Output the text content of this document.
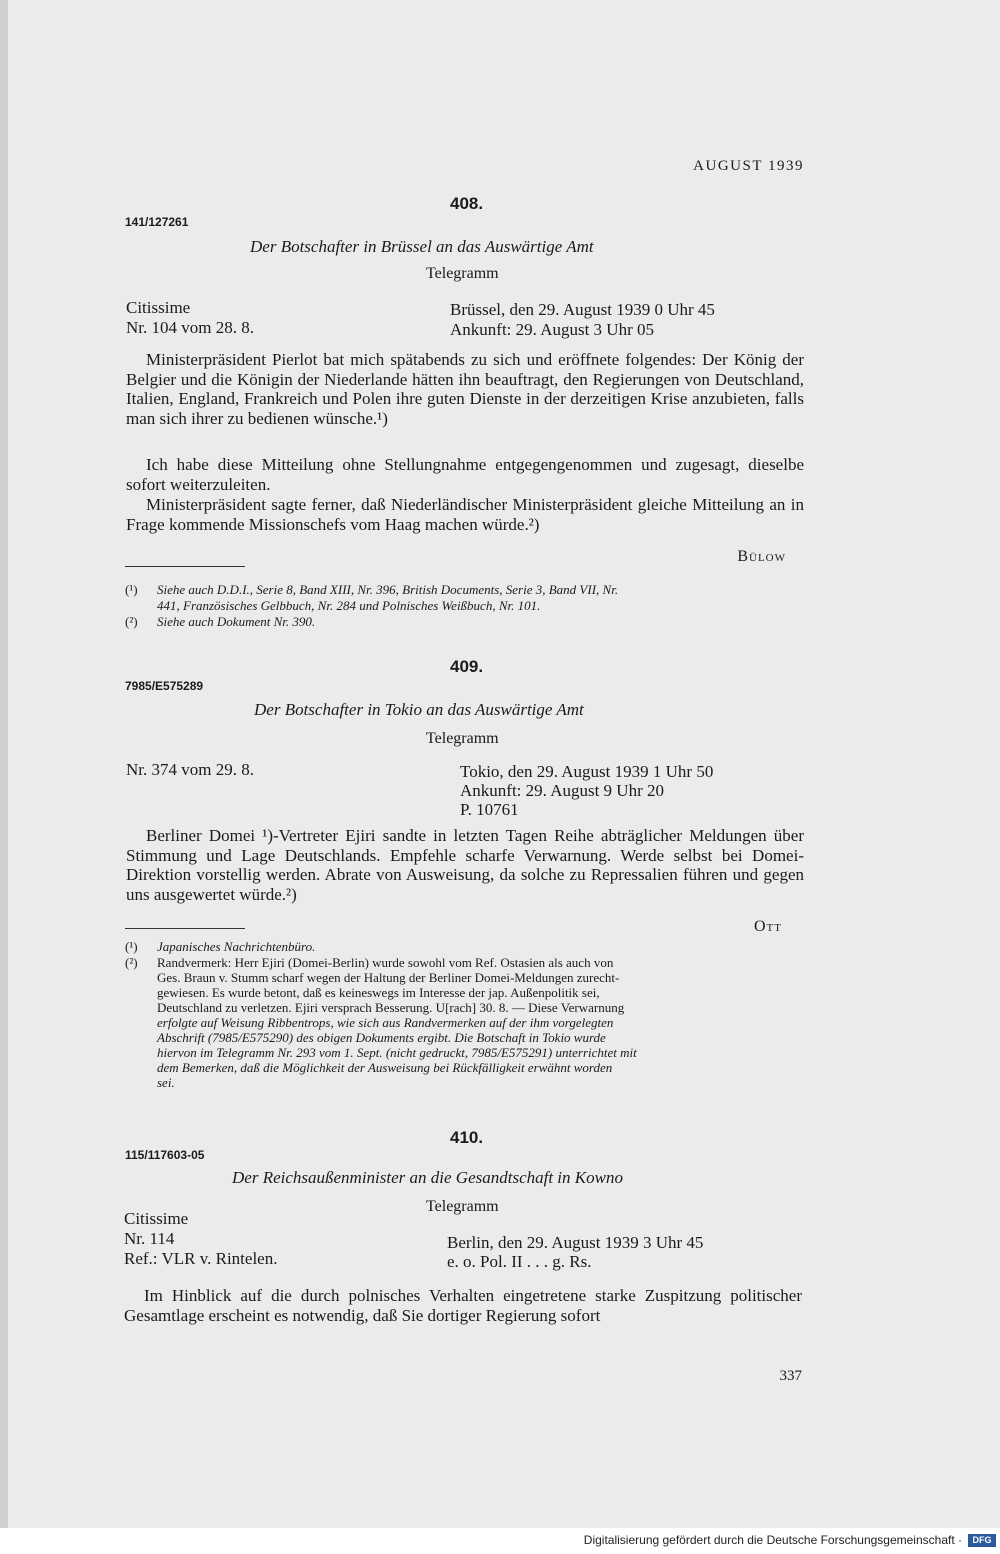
AUGUST 1939
408.
141/127261
Der Botschafter in Brüssel an das Auswärtige Amt
Telegramm
Citissime
Nr. 104 vom 28. 8.
Brüssel, den 29. August 1939 0 Uhr 45
Ankunft: 29. August 3 Uhr 05
Ministerpräsident Pierlot bat mich spätabends zu sich und eröffnete folgendes: Der König der Belgier und die Königin der Niederlande hätten ihn beauftragt, den Regierungen von Deutschland, Italien, England, Frankreich und Polen ihre guten Dienste in der derzeitigen Krise anzubieten, falls man sich ihrer zu bedienen wünsche.¹)
Ich habe diese Mitteilung ohne Stellungnahme entgegengenommen und zugesagt, dieselbe sofort weiterzuleiten.
Ministerpräsident sagte ferner, daß Niederländischer Ministerpräsident gleiche Mitteilung an in Frage kommende Missionschefs vom Haag machen würde.²)
Bülow
(¹) Siehe auch D.D.I., Serie 8, Band XIII, Nr. 396, British Documents, Serie 3, Band VII, Nr.
441, Französisches Gelbbuch, Nr. 284 und Polnisches Weißbuch, Nr. 101.
(²) Siehe auch Dokument Nr. 390.
409.
7985/E575289
Der Botschafter in Tokio an das Auswärtige Amt
Telegramm
Nr. 374 vom 29. 8.	Tokio, den 29. August 1939 1 Uhr 50
Ankunft: 29. August 9 Uhr 20
P. 10761
Berliner Domei ¹)-Vertreter Ejiri sandte in letzten Tagen Reihe abträglicher Meldungen über Stimmung und Lage Deutschlands. Empfehle scharfe Verwarnung. Werde selbst bei Domei-Direktion vorstellig werden. Abrate von Ausweisung, da solche zu Repressalien führen und gegen uns ausgewertet würde.²)
Ott
(¹) Japanisches Nachrichtenbüro.
(²) Randvermerk: Herr Ejiri (Domei-Berlin) wurde sowohl vom Ref. Ostasien als auch von
Ges. Braun v. Stumm scharf wegen der Haltung der Berliner Domei-Meldungen zurecht-
gewiesen. Es wurde betont, daß es keineswegs im Interesse der jap. Außenpolitik sei,
Deutschland zu verletzen. Ejiri versprach Besserung. U[rach] 30. 8. — Diese Verwarnung
erfolgte auf Weisung Ribbentrops, wie sich aus Randvermerken auf der ihm vorgelegten
Abschrift (7985/E575290) des obigen Dokuments ergibt. Die Botschaft in Tokio wurde
hiervon im Telegramm Nr. 293 vom 1. Sept. (nicht gedruckt, 7985/E575291) unterrichtet mit
dem Bemerken, daß die Möglichkeit der Ausweisung bei Rückfälligkeit erwähnt worden
sei.
410.
115/117603-05
Der Reichsaußenminister an die Gesandtschaft in Kowno
Telegramm
Citissime
Nr. 114
Ref.: VLR v. Rintelen.
Berlin, den 29. August 1939 3 Uhr 45
e. o. Pol. II . . . g. Rs.
Im Hinblick auf die durch polnisches Verhalten eingetretene starke Zuspitzung politischer Gesamtlage erscheint es notwendig, daß Sie dortiger Regierung sofort
337
Digitalisierung gefördert durch die Deutsche Forschungsgemeinschaft ·	DFG
